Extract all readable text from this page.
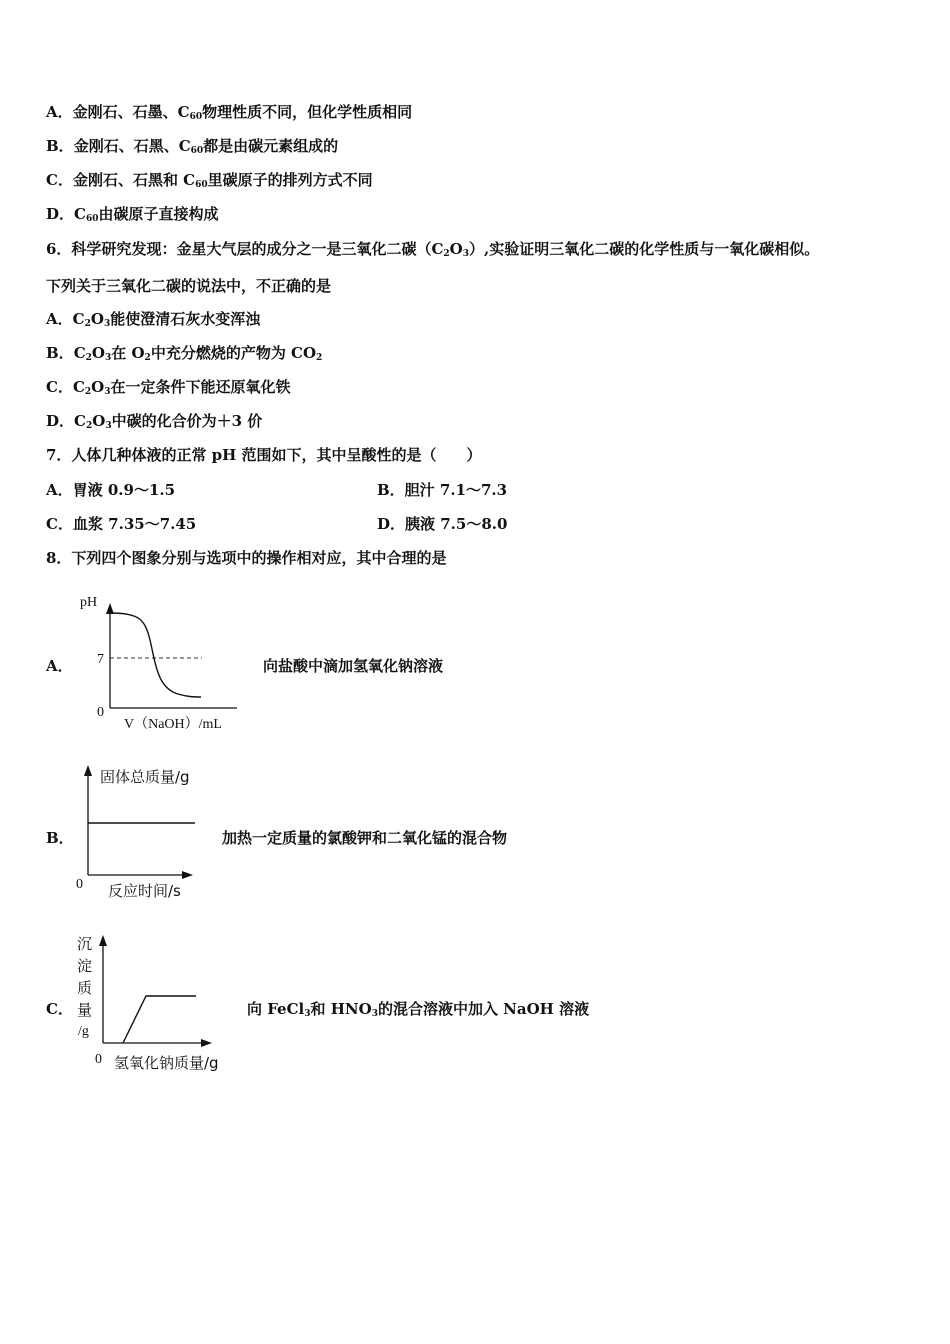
A．金刚石、石墨、$C_{60}$物理性质不同，但化学性质相同
B．金刚石、石黑、$C_{60}$都是由碳元素组成的
C．金刚石、石黑和 $C_{60}$里碳原子的排列方式不同
D．$C_{60}$由碳原子直接构成
6．科学研究发现：金星大气层的成分之一是三氧化二碳$(C_2O_3)$,实验证明三氧化二碳的化学性质与一氧化碳相似。
下列关于三氧化二碳的说法中，不正确的是
A．$C_2O_3$能使澄清石灰水变浑浊
B．$C_2O_3$在 $O_2$中充分燃烧的产物为 $CO_2$
C．$C_2O_3$在一定条件下能还原氧化铁
D．$C_2O_3$中碳的化合价为＋3 价
7．人体几种体液的正常 pH 范围如下，其中呈酸性的是（　　）
A．胃液 0.9～1.5	B．胆汁 7.1～7.3
C．血浆 7.35～7.45	D．胰液 7.5～8.0
8．下列四个图象分别与选项中的操作相对应，其中合理的是
A．
pH
7
0
V（NaOH）/mL
向盐酸中滴加氢氧化钠溶液
B．
固体总质量/g
0 反应时间/s
加热一定质量的氯酸钾和二氧化锰的混合物
C．
沉
淀
质
量
/g
0 氢氧化钠质量/g
向 FeCl$_3$和 $HNO_3$的混合溶液中加入 NaOH 溶液
